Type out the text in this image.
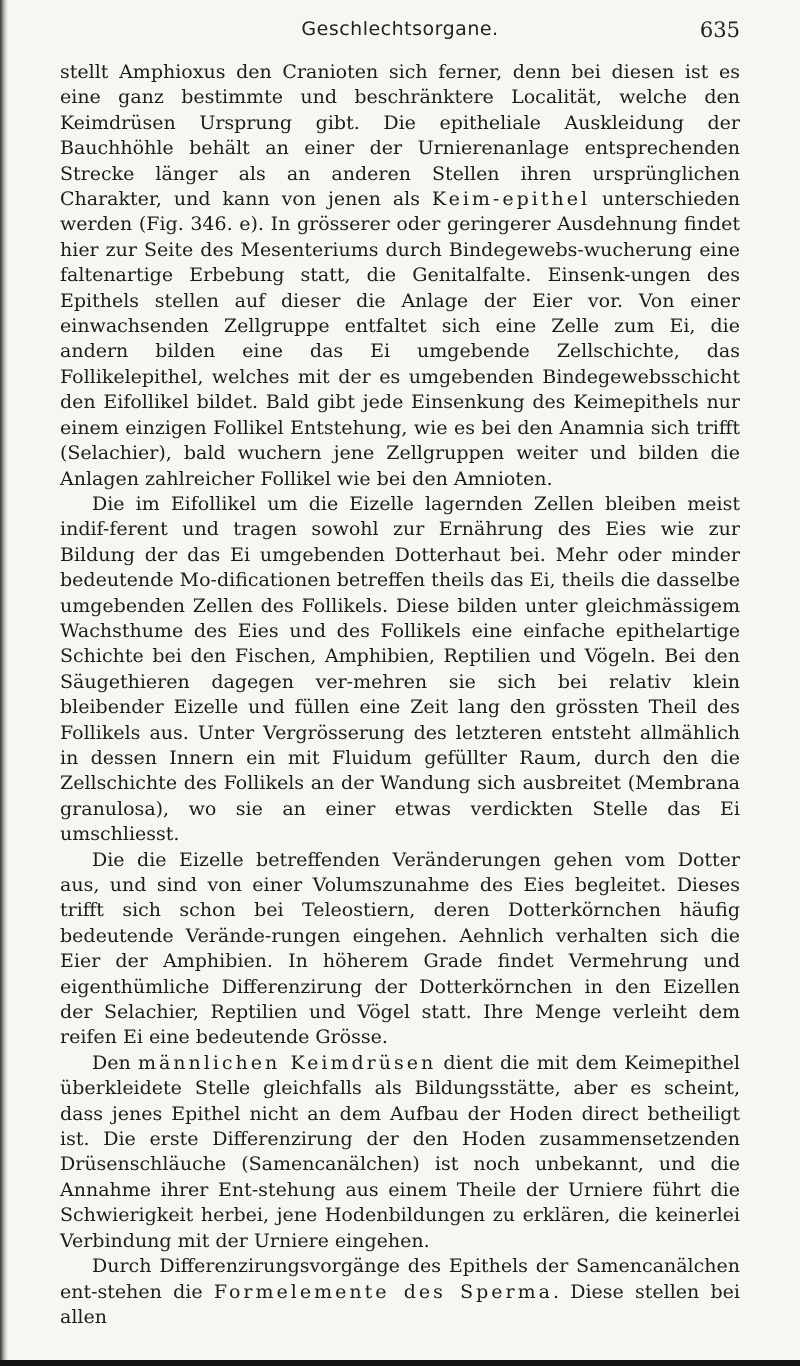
Geschlechtsorgane.	635

stellt Amphioxus den Cranioten sich ferner, denn bei diesen ist es eine ganz bestimmte und beschränktere Localität, welche den Keimdrüsen Ursprung gibt. Die epitheliale Auskleidung der Bauchhöhle behält an einer der Urnierenanlage entsprechenden Strecke länger als an anderen Stellen ihren ursprünglichen Charakter, und kann von jenen als Keim-epithel unterschieden werden (Fig. 346. e). In grösserer oder geringerer Ausdehnung findet hier zur Seite des Mesenteriums durch Bindegewebs-wucherung eine faltenartige Erbebung statt, die Genitalfalte. Einsenk-ungen des Epithels stellen auf dieser die Anlage der Eier vor. Von einer einwachsenden Zellgruppe entfaltet sich eine Zelle zum Ei, die andern bilden eine das Ei umgebende Zellschichte, das Follikelepithel, welches mit der es umgebenden Bindegewebsschicht den Eifollikel bildet. Bald gibt jede Einsenkung des Keimepithels nur einem einzigen Follikel Entstehung, wie es bei den Anamnia sich trifft (Selachier), bald wuchern jene Zellgruppen weiter und bilden die Anlagen zahlreicher Follikel wie bei den Amnioten.

Die im Eifollikel um die Eizelle lagernden Zellen bleiben meist indif-ferent und tragen sowohl zur Ernährung des Eies wie zur Bildung der das Ei umgebenden Dotterhaut bei. Mehr oder minder bedeutende Mo-dificationen betreffen theils das Ei, theils die dasselbe umgebenden Zellen des Follikels. Diese bilden unter gleichmässigem Wachsthume des Eies und des Follikels eine einfache epithelartige Schichte bei den Fischen, Amphibien, Reptilien und Vögeln. Bei den Säugethieren dagegen ver-mehren sie sich bei relativ klein bleibender Eizelle und füllen eine Zeit lang den grössten Theil des Follikels aus. Unter Vergrösserung des letzteren entsteht allmählich in dessen Innern ein mit Fluidum gefüllter Raum, durch den die Zellschichte des Follikels an der Wandung sich ausbreitet (Membrana granulosa), wo sie an einer etwas verdickten Stelle das Ei umschliesst.

Die die Eizelle betreffenden Veränderungen gehen vom Dotter aus, und sind von einer Volumszunahme des Eies begleitet. Dieses trifft sich schon bei Teleostiern, deren Dotterkörnchen häufig bedeutende Verände-rungen eingehen. Aehnlich verhalten sich die Eier der Amphibien. In höherem Grade findet Vermehrung und eigenthümliche Differenzirung der Dotterkörnchen in den Eizellen der Selachier, Reptilien und Vögel statt. Ihre Menge verleiht dem reifen Ei eine bedeutende Grösse.

Den männlichen Keimdrüsen dient die mit dem Keimepithel überkleidete Stelle gleichfalls als Bildungsstätte, aber es scheint, dass jenes Epithel nicht an dem Aufbau der Hoden direct betheiligt ist. Die erste Differenzirung der den Hoden zusammensetzenden Drüsenschläuche (Samencanälchen) ist noch unbekannt, und die Annahme ihrer Ent-stehung aus einem Theile der Urniere führt die Schwierigkeit herbei, jene Hodenbildungen zu erklären, die keinerlei Verbindung mit der Urniere eingehen.

Durch Differenzirungsvorgänge des Epithels der Samencanälchen ent-stehen die Formelemente des Sperma. Diese stellen bei allen
